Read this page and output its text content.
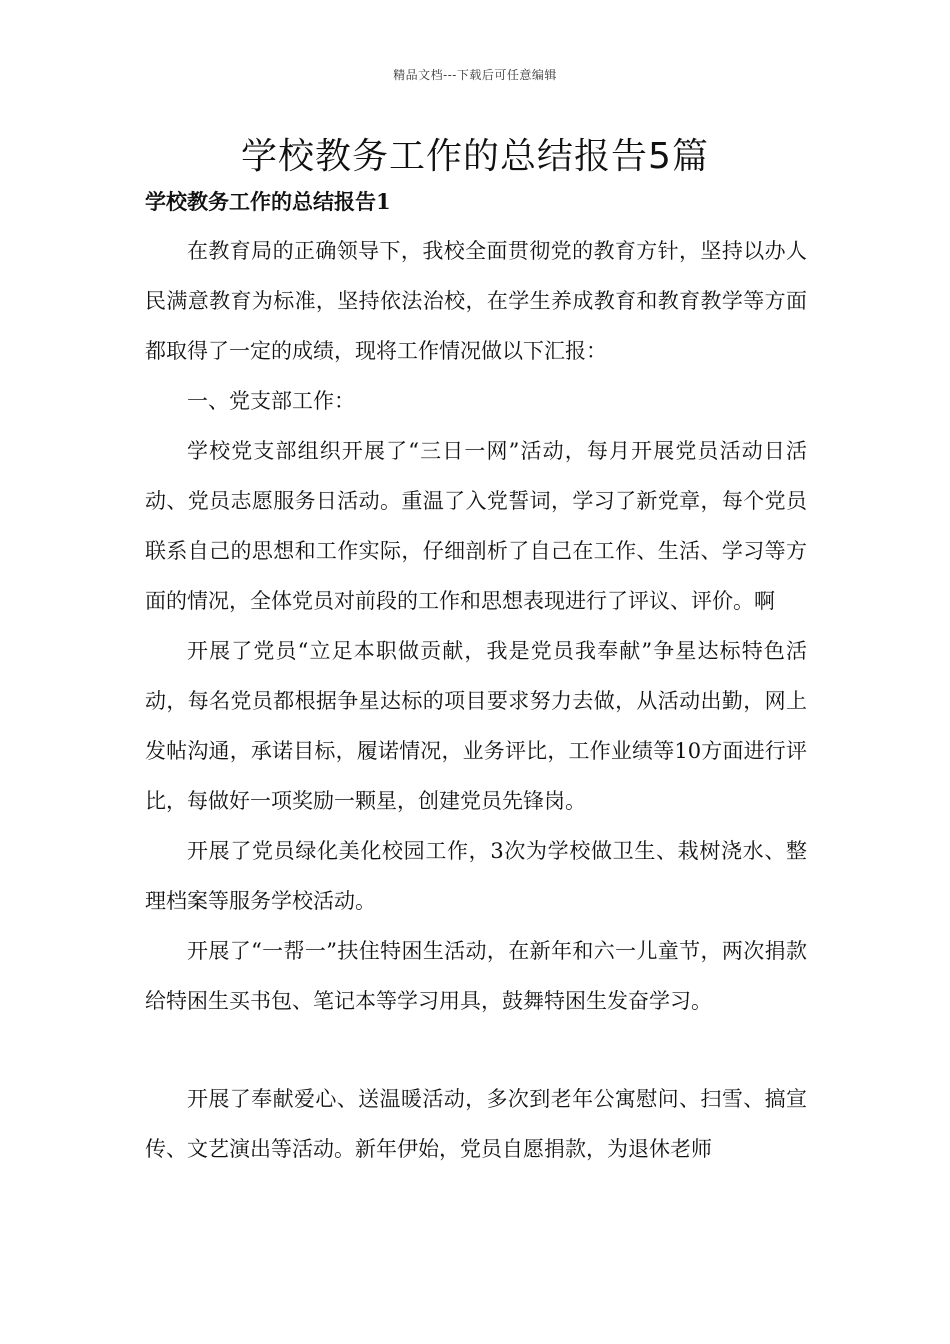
精品文档---下载后可任意编辑
学校教务工作的总结报告5篇
学校教务工作的总结报告1

在教育局的正确领导下，我校全面贯彻党的教育方针，坚持以办人民满意教育为标准，坚持依法治校，在学生养成教育和教育教学等方面都取得了一定的成绩，现将工作情况做以下汇报：

一、党支部工作：

学校党支部组织开展了“三日一网”活动，每月开展党员活动日活动、党员志愿服务日活动。重温了入党誓词，学习了新党章，每个党员联系自己的思想和工作实际，仔细剖析了自己在工作、生活、学习等方面的情况，全体党员对前段的工作和思想表现进行了评议、评价。啊

开展了党员“立足本职做贡献，我是党员我奉献”争星达标特色活动，每名党员都根据争星达标的项目要求努力去做，从活动出勤，网上发帖沟通，承诺目标，履诺情况，业务评比，工作业绩等10方面进行评比，每做好一项奖励一颗星，创建党员先锋岗。

开展了党员绿化美化校园工作，3次为学校做卫生、栽树浇水、整理档案等服务学校活动。

开展了“一帮一”扶住特困生活动，在新年和六一儿童节，两次捐款给特困生买书包、笔记本等学习用具，鼓舞特困生发奋学习。

开展了奉献爱心、送温暖活动，多次到老年公寓慰问、扫雪、搞宣传、文艺演出等活动。新年伊始，党员自愿捐款，为退休老师
